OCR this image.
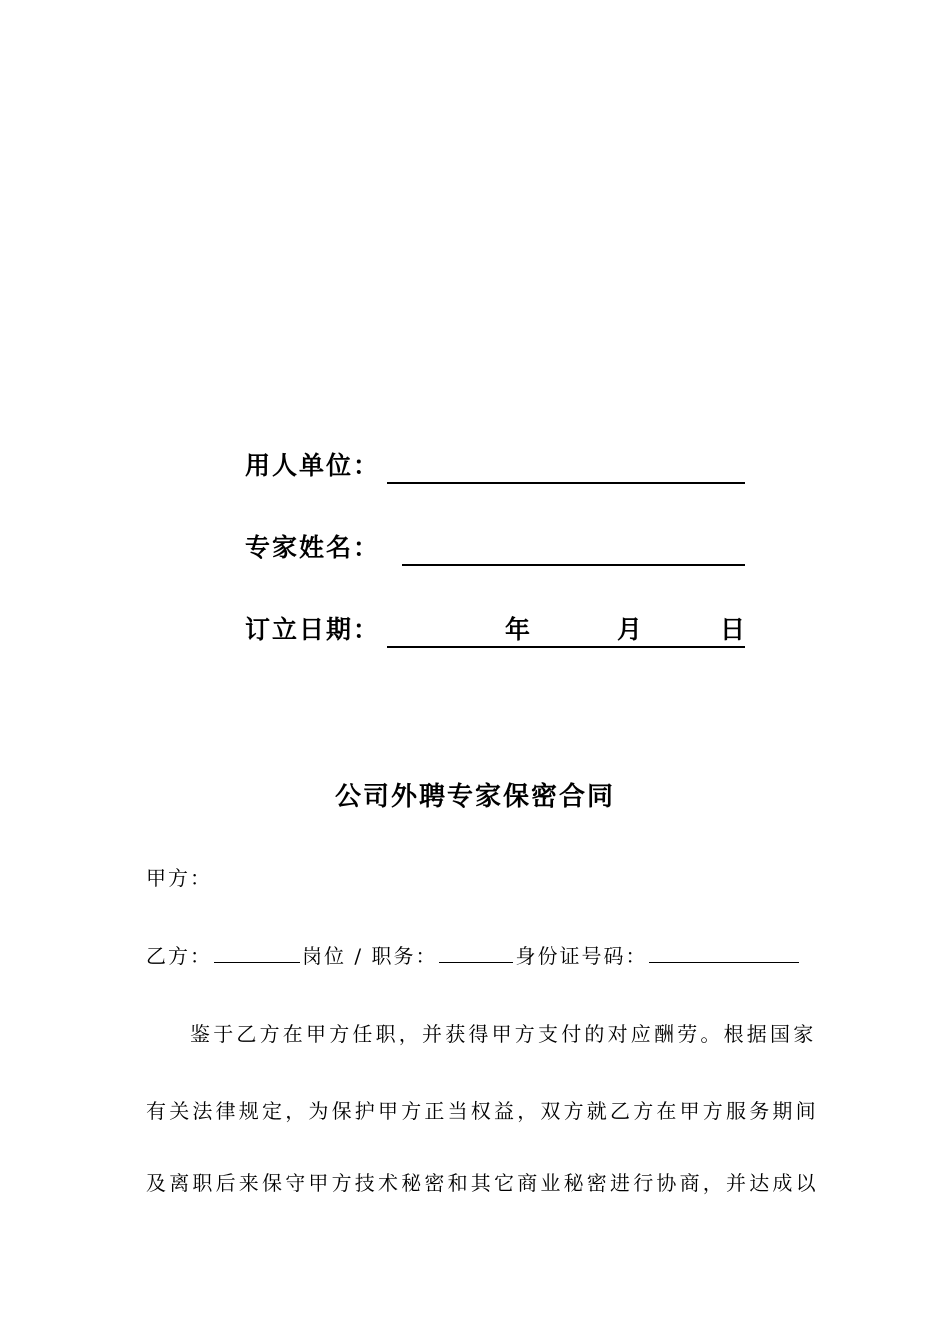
用人单位：
专家姓名：
订立日期：	年	月	日
公司外聘专家保密合同
甲方：
乙方：	岗位 / 职务：	身份证号码：
鉴于乙方在甲方任职，并获得甲方支付的对应酬劳。根据国家
有关法律规定，为保护甲方正当权益，双方就乙方在甲方服务期间
及离职后来保守甲方技术秘密和其它商业秘密进行协商，并达成以
